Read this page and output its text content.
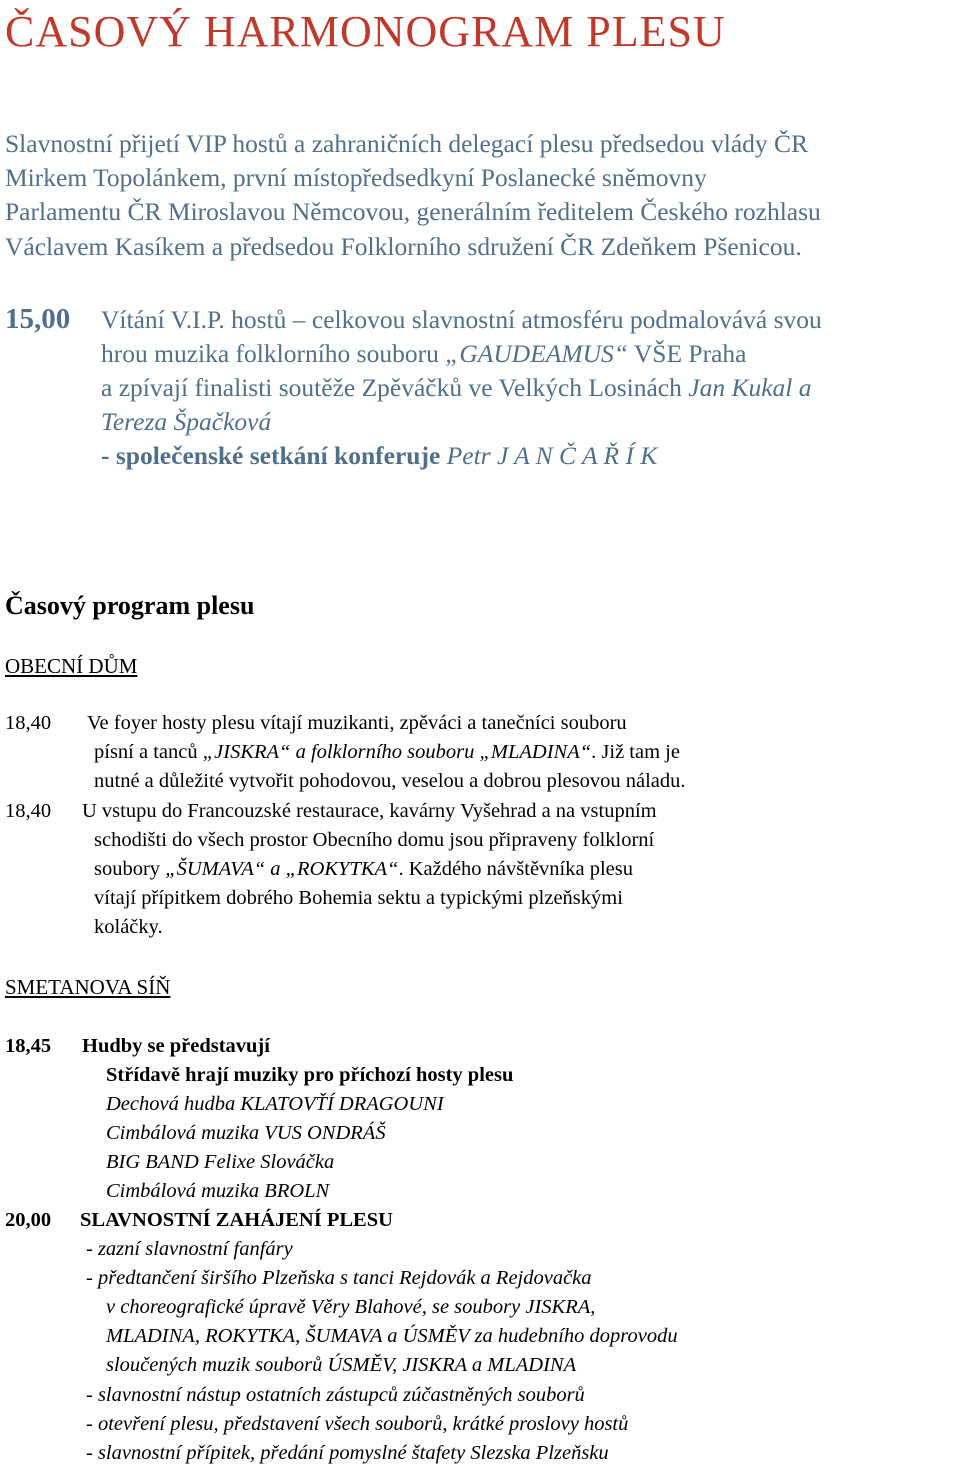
ČASOVÝ HARMONOGRAM PLESU
Slavnostní přijetí VIP hostů a zahraničních delegací plesu předsedou vlády ČR
Mirkem Topolánkem, první místopředsedkyní Poslanecké sněmovny
Parlamentu ČR Miroslavou Němcovou, generálním ředitelem Českého rozhlasu
Václavem Kasíkem a předsedou Folklorního sdružení ČR Zdeňkem Pšenicou.
15,00 Vítání V.I.P. hostů – celkovou slavnostní atmosféru podmalovává svou
hrou muzika folklorního souboru „GAUDEAMUS“ VŠE Praha
a zpívají finalisti soutěže Zpěváčků ve Velkých Losinách Jan Kukal a
Tereza Špačková
- společenské setkání konferuje Petr J A N Č A Ř Í K
Časový program plesu
OBECNÍ DŮM
18,40 Ve foyer hosty plesu vítají muzikanti, zpěváci a tanečníci souboru
písní a tanců „JISKRA“ a folklorního souboru „MLADINA“. Již tam je
nutné a důležité vytvořit pohodovou, veselou a dobrou plesovou náladu.
18,40 U vstupu do Francouzské restaurace, kavárny Vyšehrad a na vstupním
schodišti do všech prostor Obecního domu jsou připraveny folklorní
soubory „ŠUMAVA“ a „ROKYTKA“. Každého návštěvníka plesu
vítají přípitkem dobrého Bohemia sektu a typickými plzeňskými
koláčky.
SMETANOVA SÍŇ
18,45 Hudby se představují
Střídavě hrají muziky pro příchozí hosty plesu
Dechová hudba KLATOVŤÍ DRAGOUNI
Cimbálová muzika VUS ONDRÁŠ
BIG BAND Felixe Slováčka
Cimbálová muzika BROLN
20,00 SLAVNOSTNÍ ZAHÁJENÍ PLESU
- zazní slavnostní fanfáry
- předtančení širšího Plzeňska s tanci Rejdovák a Rejdovačka
v choreografické úpravě Věry Blahové, se soubory JISKRA,
MLADINA, ROKYTKA, ŠUMAVA a ÚSMĚV za hudebního doprovodu
sloučených muzik souborů ÚSMĚV, JISKRA a MLADINA
- slavnostní nástup ostatních zástupců zúčastněných souborů
- otevření plesu, představení všech souborů, krátké proslovy hostů
- slavnostní přípitek, předání pomyslné štafety Slezska Plzeňsku
